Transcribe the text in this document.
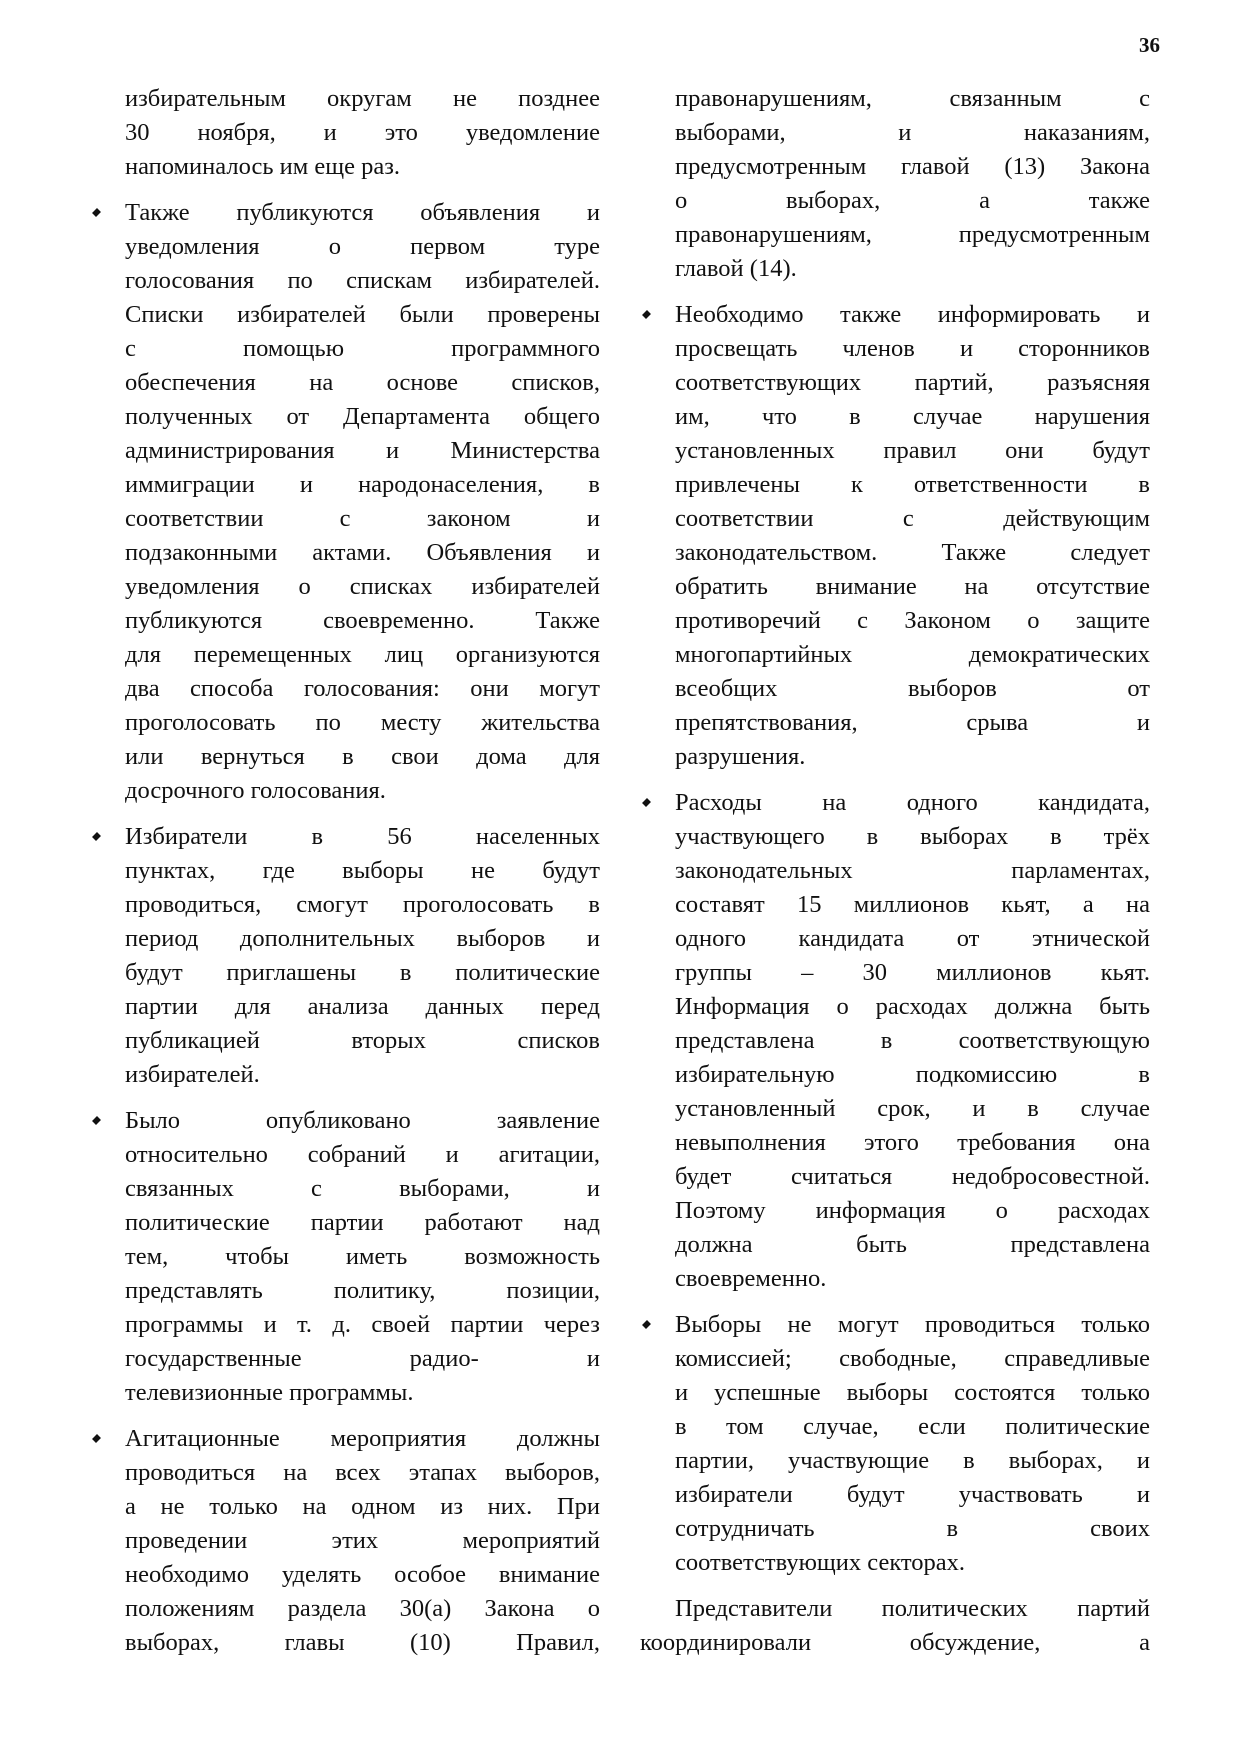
36
избирательным округам не позднее
30 ноября, и это уведомление
напоминалось им еще раз.
Также публикуются объявления и
уведомления о первом туре
голосования по спискам избирателей.
Списки избирателей были проверены
с помощью программного
обеспечения на основе списков,
полученных от Департамента общего
администрирования и Министерства
иммиграции и народонаселения, в
соответствии с законом и
подзаконными актами. Объявления и
уведомления о списках избирателей
публикуются своевременно. Также
для перемещенных лиц организуются
два способа голосования: они могут
проголосовать по месту жительства
или вернуться в свои дома для
досрочного голосования.
Избиратели в 56 населенных
пунктах, где выборы не будут
проводиться, смогут проголосовать в
период дополнительных выборов и
будут приглашены в политические
партии для анализа данных перед
публикацией вторых списков
избирателей.
Было опубликовано заявление
относительно собраний и агитации,
связанных с выборами, и
политические партии работают над
тем, чтобы иметь возможность
представлять политику, позиции,
программы и т. д. своей партии через
государственные радио- и
телевизионные программы.
Агитационные мероприятия должны
проводиться на всех этапах выборов,
а не только на одном из них. При
проведении этих мероприятий
необходимо уделять особое внимание
положениям раздела 30(а) Закона о
выборах, главы (10) Правил,
правонарушениям, связанным с
выборами, и наказаниям,
предусмотренным главой (13) Закона
о выборах, а также
правонарушениям, предусмотренным
главой (14).
Необходимо также информировать и
просвещать членов и сторонников
соответствующих партий, разъясняя
им, что в случае нарушения
установленных правил они будут
привлечены к ответственности в
соответствии с действующим
законодательством. Также следует
обратить внимание на отсутствие
противоречий с Законом о защите
многопартийных демократических
всеобщих выборов от
препятствования, срыва и
разрушения.
Расходы на одного кандидата,
участвующего в выборах в трёх
законодательных парламентах,
составят 15 миллионов кьят, а на
одного кандидата от этнической
группы – 30 миллионов кьят.
Информация о расходах должна быть
представлена в соответствующую
избирательную подкомиссию в
установленный срок, и в случае
невыполнения этого требования она
будет считаться недобросовестной.
Поэтому информация о расходах
должна быть представлена
своевременно.
Выборы не могут проводиться только
комиссией; свободные, справедливые
и успешные выборы состоятся только
в том случае, если политические
партии, участвующие в выборах, и
избиратели будут участвовать и
сотрудничать в своих
соответствующих секторах.
Представители политических партий
координировали обсуждение, а
